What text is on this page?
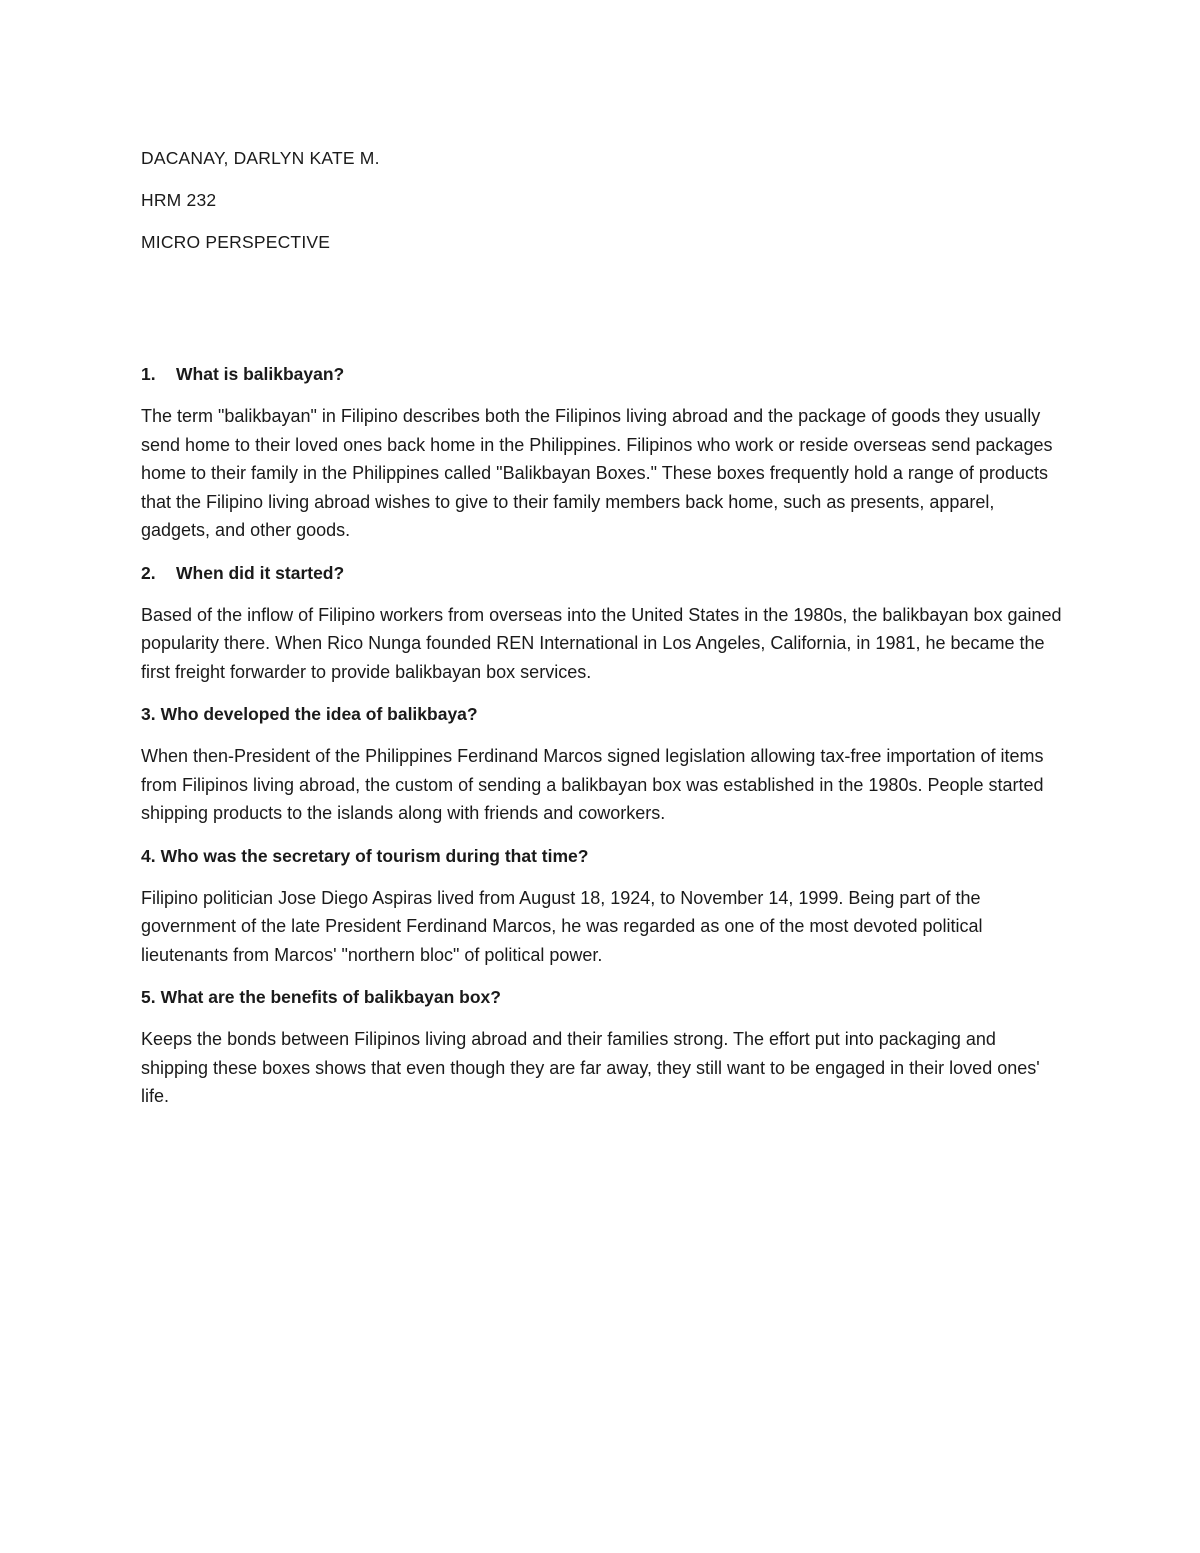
DACANAY, DARLYN KATE M.

HRM 232

MICRO PERSPECTIVE

1. What is balikbayan?

The term "balikbayan" in Filipino describes both the Filipinos living abroad and the package of goods they usually send home to their loved ones back home in the Philippines. Filipinos who work or reside overseas send packages home to their family in the Philippines called "Balikbayan Boxes." These boxes frequently hold a range of products that the Filipino living abroad wishes to give to their family members back home, such as presents, apparel, gadgets, and other goods.

2. When did it started?

Based of the inflow of Filipino workers from overseas into the United States in the 1980s, the balikbayan box gained popularity there. When Rico Nunga founded REN International in Los Angeles, California, in 1981, he became the first freight forwarder to provide balikbayan box services.

3. Who developed the idea of balikbaya?

When then-President of the Philippines Ferdinand Marcos signed legislation allowing tax-free importation of items from Filipinos living abroad, the custom of sending a balikbayan box was established in the 1980s. People started shipping products to the islands along with friends and coworkers.

4. Who was the secretary of tourism during that time?

Filipino politician Jose Diego Aspiras lived from August 18, 1924, to November 14, 1999. Being part of the government of the late President Ferdinand Marcos, he was regarded as one of the most devoted political lieutenants from Marcos' "northern bloc" of political power.

5. What are the benefits of balikbayan box?

Keeps the bonds between Filipinos living abroad and their families strong. The effort put into packaging and shipping these boxes shows that even though they are far away, they still want to be engaged in their loved ones' life.
